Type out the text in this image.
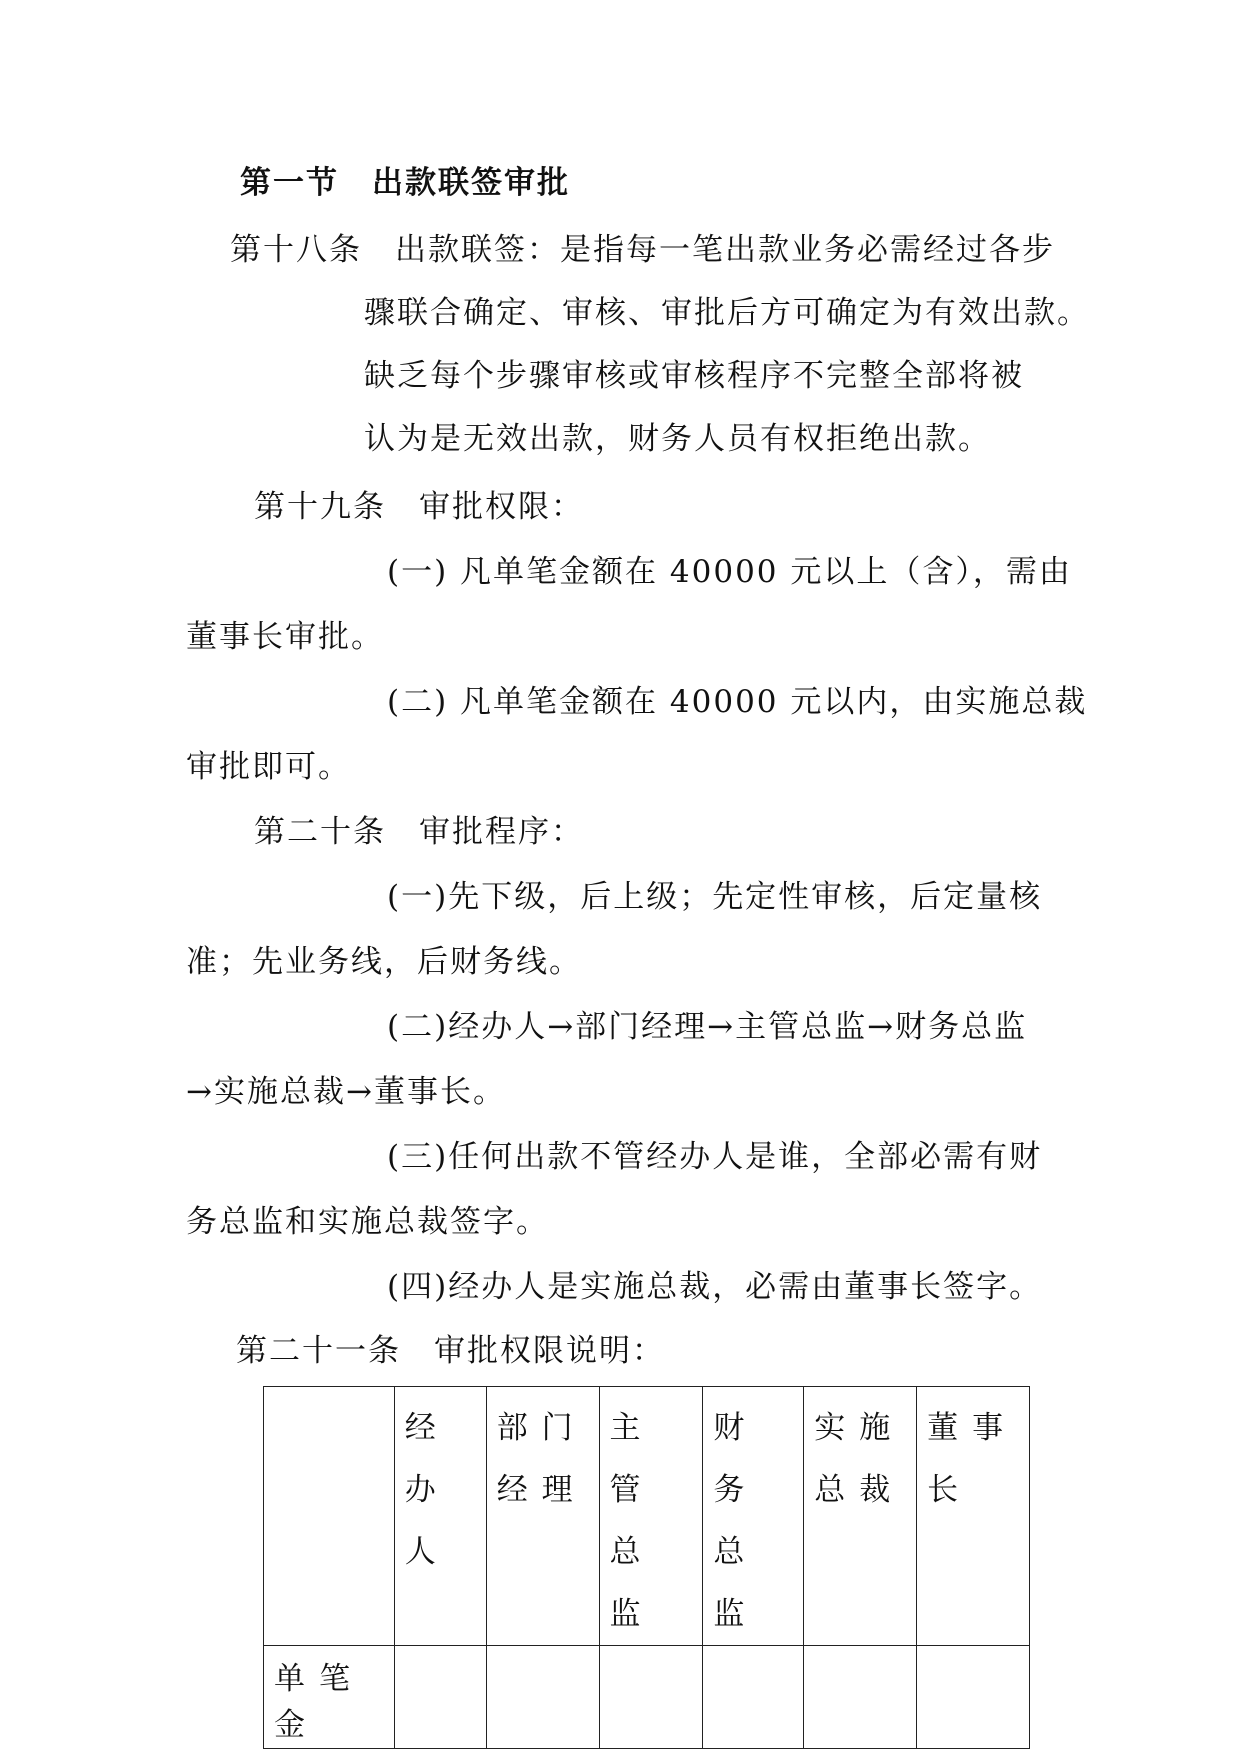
第一节　出款联签审批
第十八条　出款联签：是指每一笔出款业务必需经过各步
骤联合确定、审核、审批后方可确定为有效出款。
缺乏每个步骤审核或审核程序不完整全部将被
认为是无效出款，财务人员有权拒绝出款。
第十九条　审批权限：
(一) 凡单笔金额在 40000 元以上（含），需由
董事长审批。
(二) 凡单笔金额在 40000 元以内，由实施总裁
审批即可。
第二十条　审批程序：
(一)先下级，后上级；先定性审核，后定量核
准；先业务线，后财务线。
(二)经办人→部门经理→主管总监→财务总监
→实施总裁→董事长。
(三)任何出款不管经办人是谁，全部必需有财
务总监和实施总裁签字。
(四)经办人是实施总裁，必需由董事长签字。
第二十一条　审批权限说明：
	经办人	部门经理	主管总监	财务总监	实施总裁	董事长
单笔金						
